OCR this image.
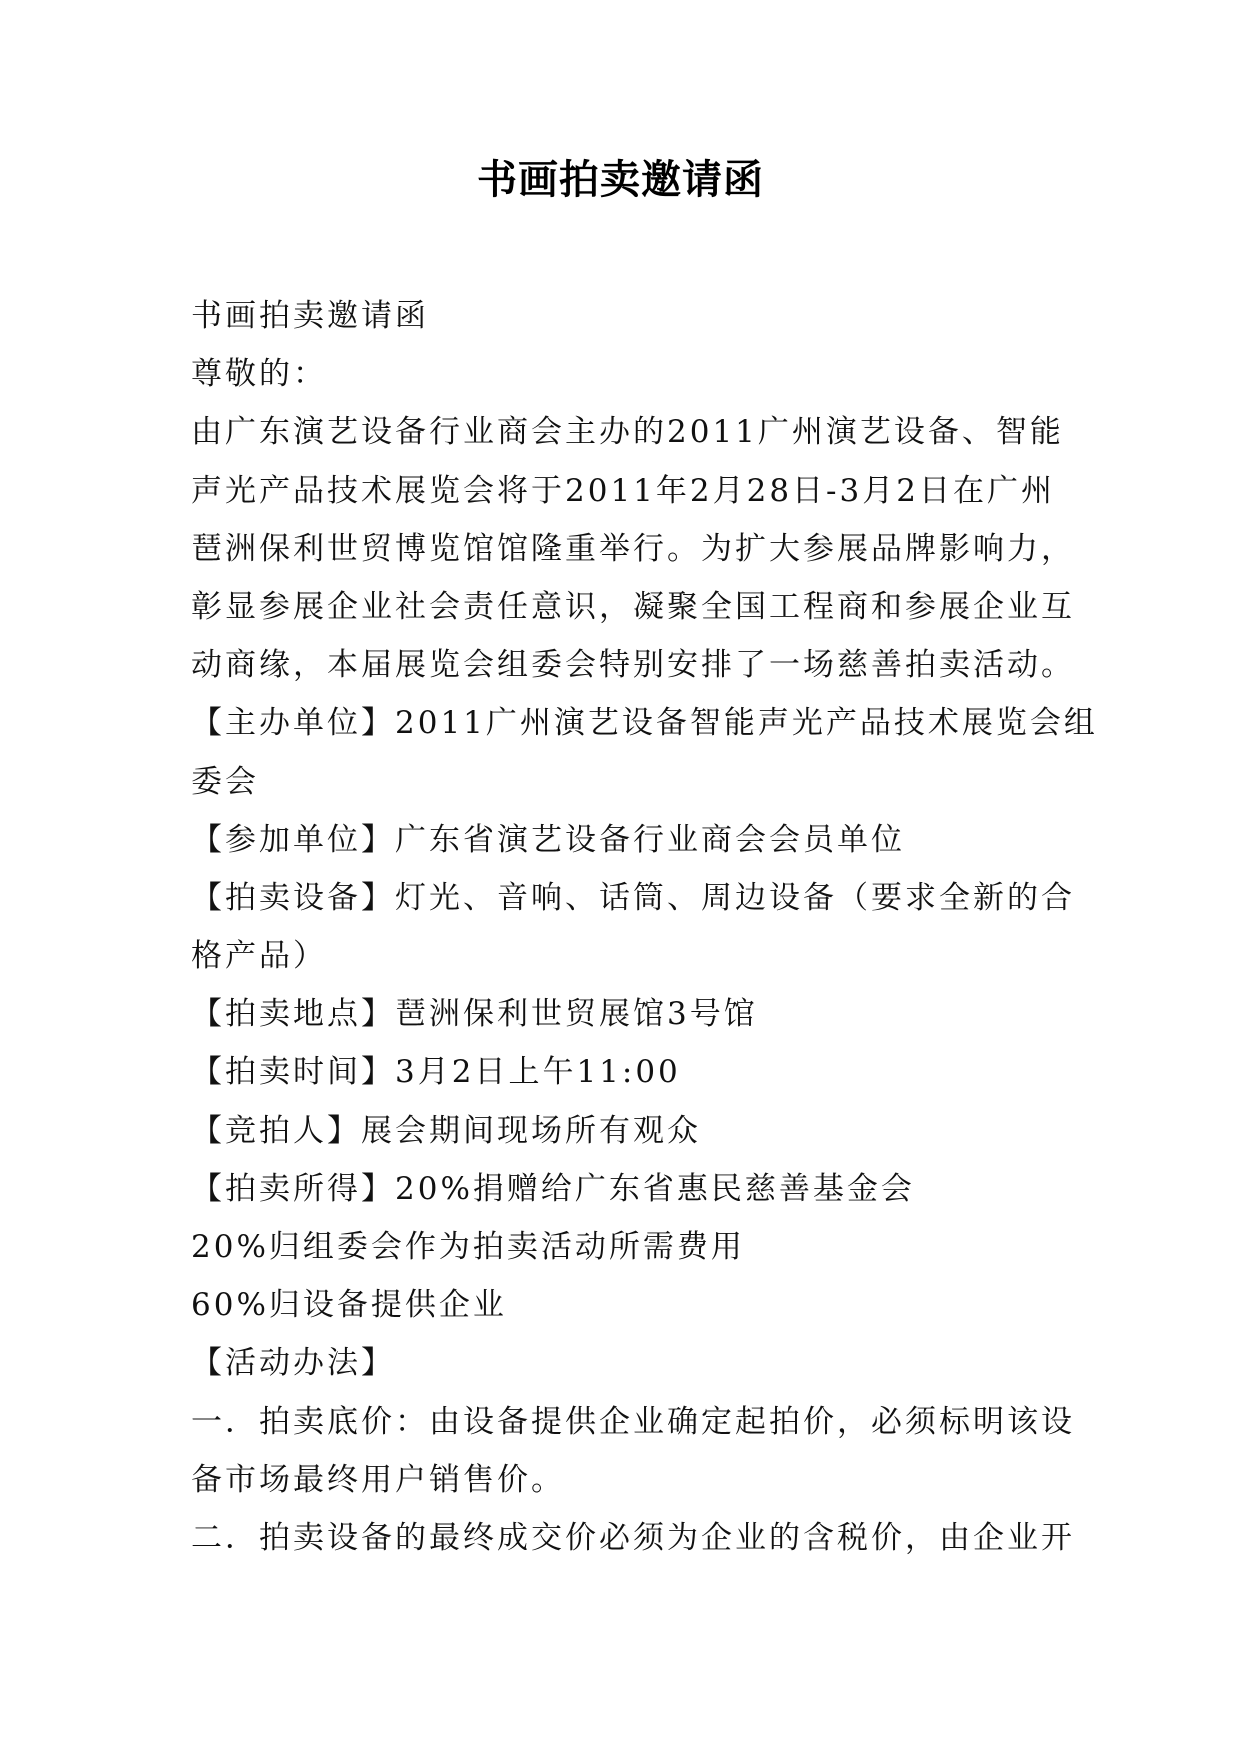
书画拍卖邀请函
书画拍卖邀请函
尊敬的：
由广东演艺设备行业商会主办的2011广州演艺设备、智能
声光产品技术展览会将于2011年2月28日-3月2日在广州
琶洲保利世贸博览馆馆隆重举行。为扩大参展品牌影响力，
彰显参展企业社会责任意识，凝聚全国工程商和参展企业互
动商缘，本届展览会组委会特别安排了一场慈善拍卖活动。
【主办单位】2011广州演艺设备智能声光产品技术展览会组
委会
【参加单位】广东省演艺设备行业商会会员单位
【拍卖设备】灯光、音响、话筒、周边设备（要求全新的合
格产品）
【拍卖地点】琶洲保利世贸展馆3号馆
【拍卖时间】3月2日上午11:00
【竞拍人】展会期间现场所有观众
【拍卖所得】20%捐赠给广东省惠民慈善基金会
20%归组委会作为拍卖活动所需费用
60%归设备提供企业
【活动办法】
一．拍卖底价：由设备提供企业确定起拍价，必须标明该设
备市场最终用户销售价。
二．拍卖设备的最终成交价必须为企业的含税价，由企业开
